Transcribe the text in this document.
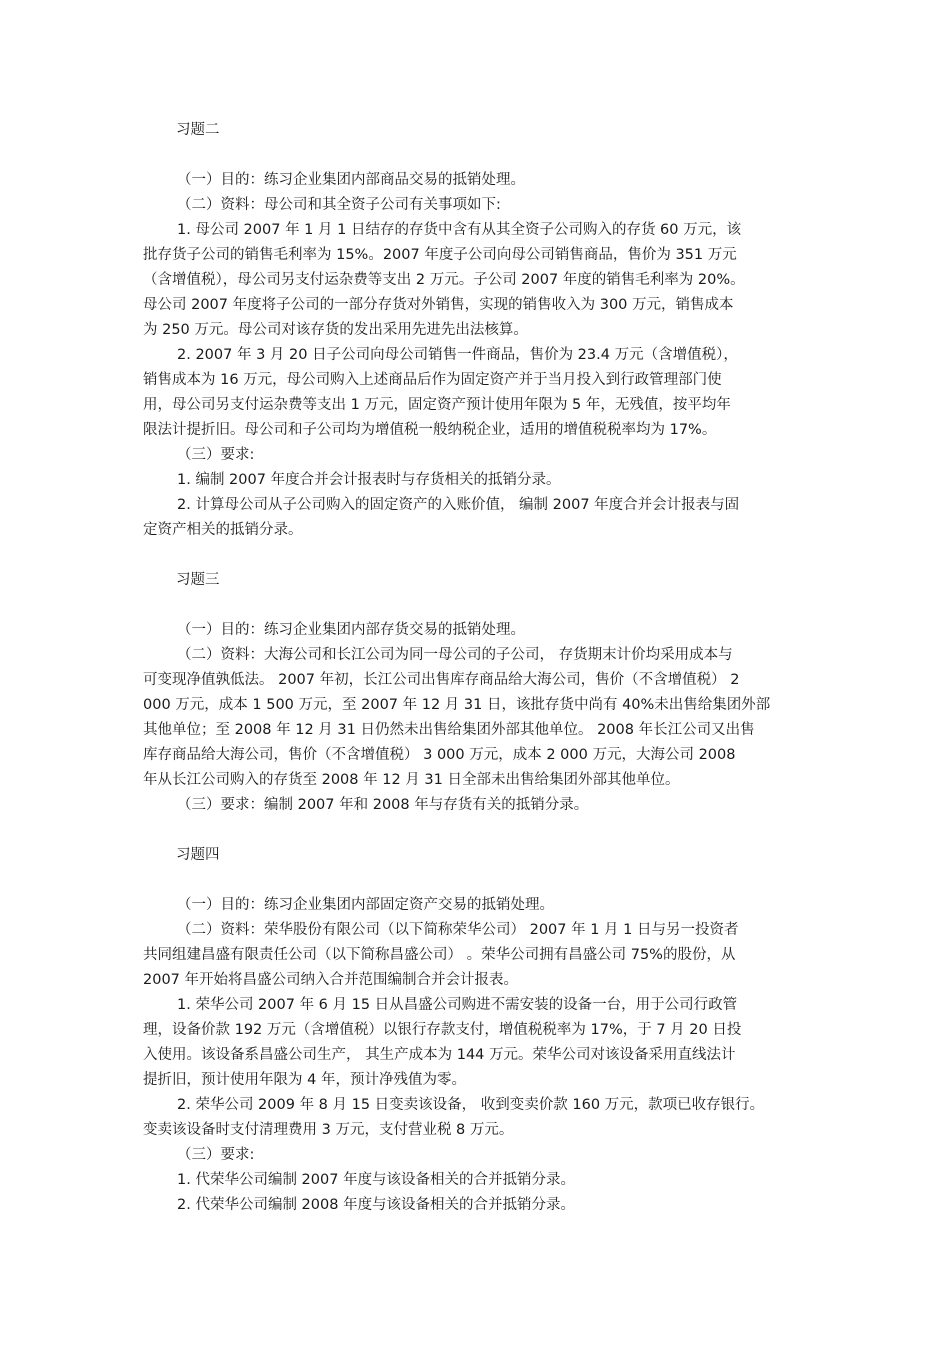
习题二

（一）目的：练习企业集团内部商品交易的抵销处理。

（二）资料：母公司和其全资子公司有关事项如下:

1. 母公司 2007 年 1 月 1 日结存的存货中含有从其全资子公司购入的存货 60 万元，该

批存货子公司的销售毛利率为 15%。2007 年度子公司向母公司销售商品，售价为 351 万元

（含增值税），母公司另支付运杂费等支出 2 万元。子公司 2007 年度的销售毛利率为 20%。

母公司 2007 年度将子公司的一部分存货对外销售，实现的销售收入为 300 万元，销售成本

为 250 万元。母公司对该存货的发出采用先进先出法核算。

2. 2007 年 3 月 20 日子公司向母公司销售一件商品，售价为 23.4 万元（含增值税），

销售成本为 16 万元，母公司购入上述商品后作为固定资产并于当月投入到行政管理部门使

用，母公司另支付运杂费等支出 1 万元，固定资产预计使用年限为 5 年，无残值，按平均年

限法计提折旧。母公司和子公司均为增值税一般纳税企业，适用的增值税税率均为 17%。

（三）要求:

1. 编制 2007 年度合并会计报表时与存货相关的抵销分录。

2. 计算母公司从子公司购入的固定资产的入账价值， 编制 2007 年度合并会计报表与固

定资产相关的抵销分录。

习题三

（一）目的：练习企业集团内部存货交易的抵销处理。

（二）资料：大海公司和长江公司为同一母公司的子公司， 存货期末计价均采用成本与

可变现净值孰低法。 2007 年初，长江公司出售库存商品给大海公司，售价（不含增值税） 2

000 万元，成本 1 500 万元，至 2007 年 12 月 31 日，该批存货中尚有 40%未出售给集团外部

其他单位；至 2008 年 12 月 31 日仍然未出售给集团外部其他单位。 2008 年长江公司又出售

库存商品给大海公司，售价（不含增值税） 3 000 万元，成本 2 000 万元，大海公司 2008

年从长江公司购入的存货至 2008 年 12 月 31 日全部未出售给集团外部其他单位。

（三）要求：编制 2007 年和 2008 年与存货有关的抵销分录。

习题四

（一）目的：练习企业集团内部固定资产交易的抵销处理。

（二）资料：荣华股份有限公司（以下简称荣华公司） 2007 年 1 月 1 日与另一投资者

共同组建昌盛有限责任公司（以下简称昌盛公司） 。荣华公司拥有昌盛公司 75%的股份，从

2007 年开始将昌盛公司纳入合并范围编制合并会计报表。

1. 荣华公司 2007 年 6 月 15 日从昌盛公司购进不需安装的设备一台，用于公司行政管

理，设备价款 192 万元（含增值税）以银行存款支付，增值税税率为 17%，于 7 月 20 日投

入使用。该设备系昌盛公司生产， 其生产成本为 144 万元。荣华公司对该设备采用直线法计

提折旧，预计使用年限为 4 年，预计净残值为零。

2. 荣华公司 2009 年 8 月 15 日变卖该设备， 收到变卖价款 160 万元，款项已收存银行。

变卖该设备时支付清理费用 3 万元，支付营业税 8 万元。

（三）要求:

1. 代荣华公司编制 2007 年度与该设备相关的合并抵销分录。

2. 代荣华公司编制 2008 年度与该设备相关的合并抵销分录。
